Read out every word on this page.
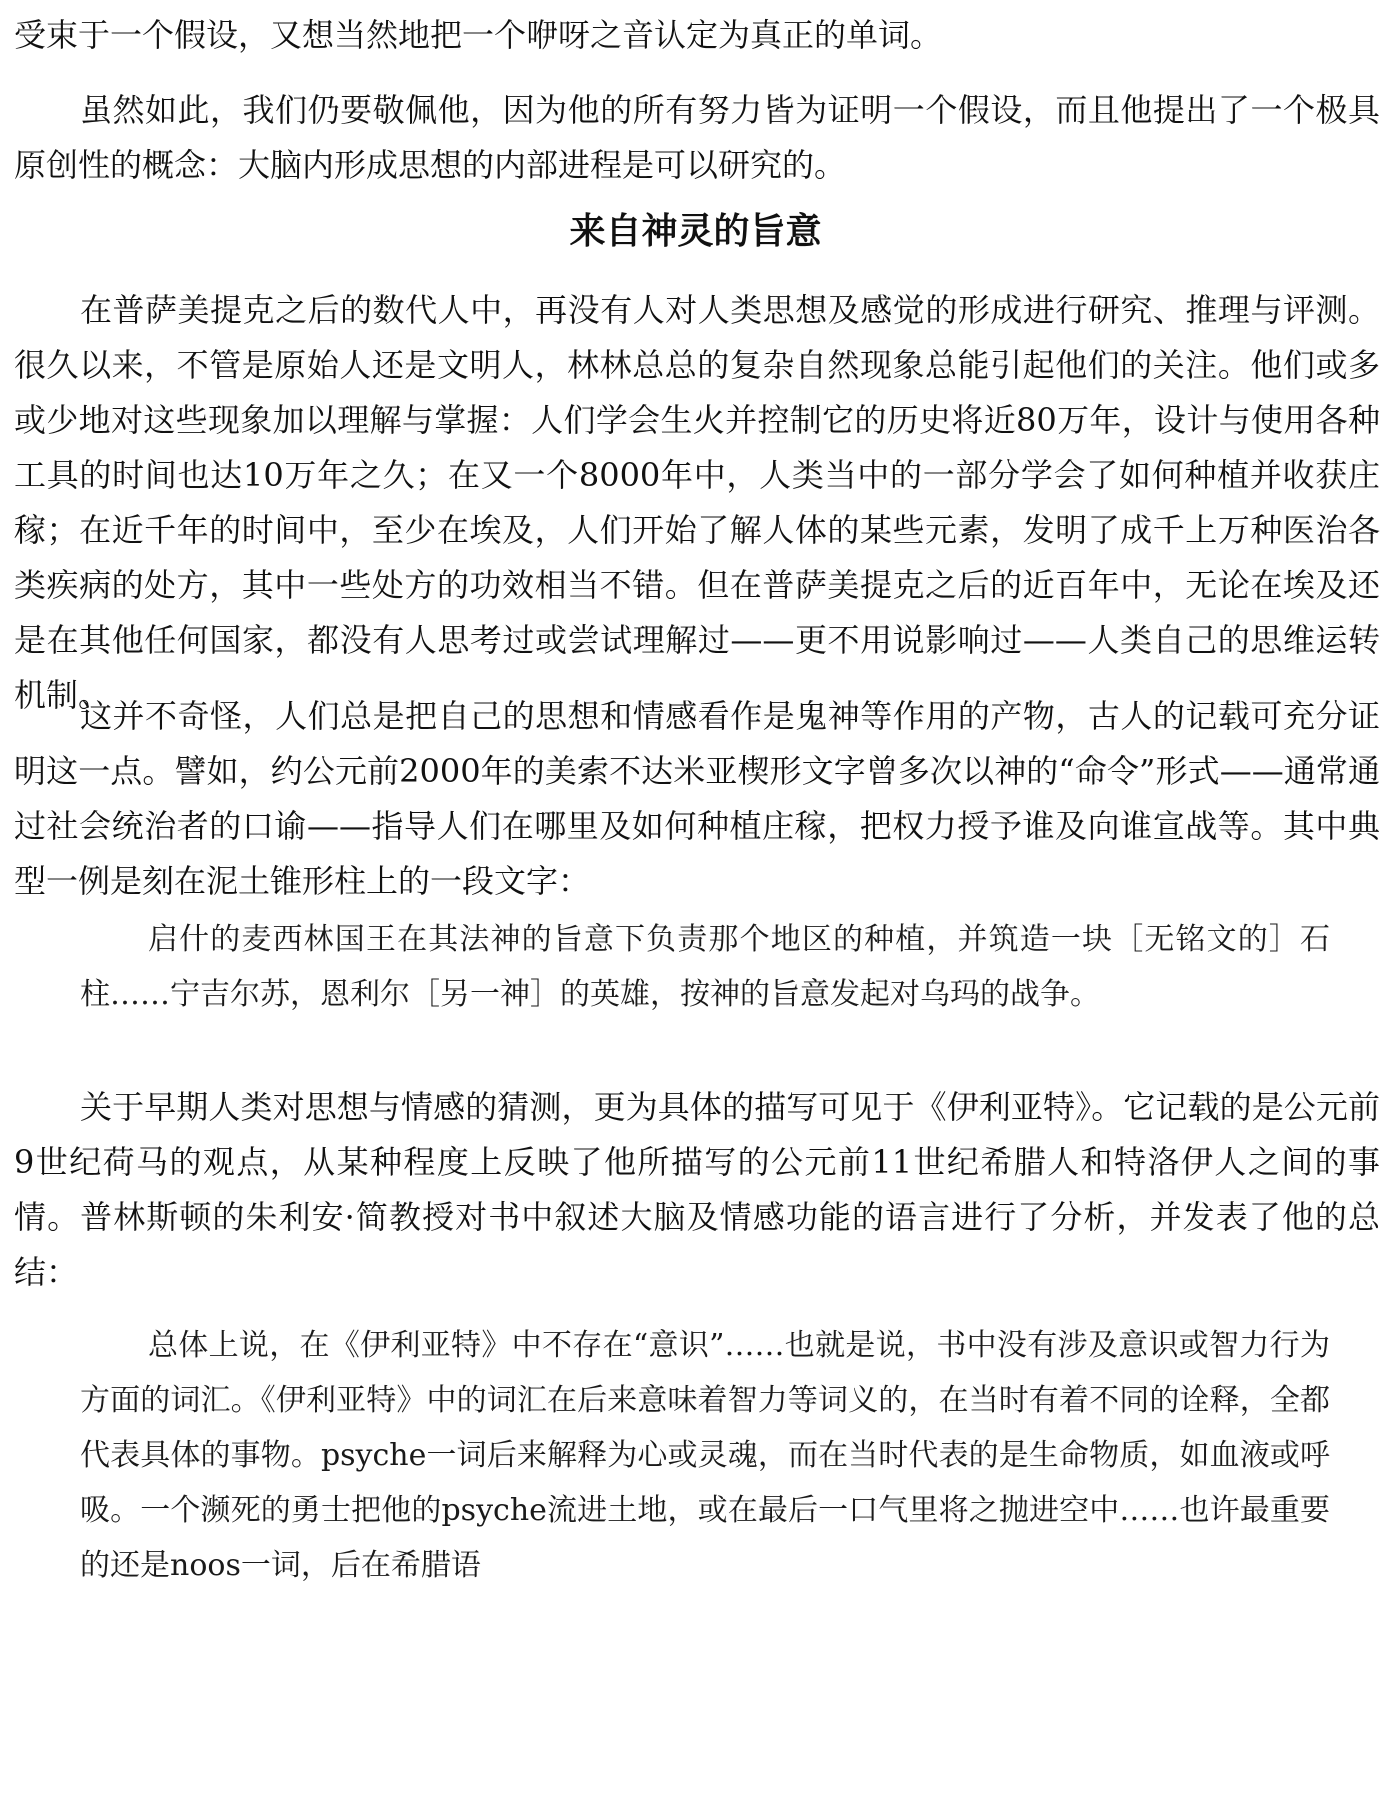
受束于一个假设，又想当然地把一个咿呀之音认定为真正的单词。

虽然如此，我们仍要敬佩他，因为他的所有努力皆为证明一个假设，而且他提出了一个极具原创性的概念：大脑内形成思想的内部进程是可以研究的。

来自神灵的旨意

在普萨美提克之后的数代人中，再没有人对人类思想及感觉的形成进行研究、推理与评测。很久以来，不管是原始人还是文明人，林林总总的复杂自然现象总能引起他们的关注。他们或多或少地对这些现象加以理解与掌握：人们学会生火并控制它的历史将近80万年，设计与使用各种工具的时间也达10万年之久；在又一个8000年中，人类当中的一部分学会了如何种植并收获庄稼；在近千年的时间中，至少在埃及，人们开始了解人体的某些元素，发明了成千上万种医治各类疾病的处方，其中一些处方的功效相当不错。但在普萨美提克之后的近百年中，无论在埃及还是在其他任何国家，都没有人思考过或尝试理解过——更不用说影响过——人类自己的思维运转机制。

这并不奇怪，人们总是把自己的思想和情感看作是鬼神等作用的产物，古人的记载可充分证明这一点。譬如，约公元前2000年的美索不达米亚楔形文字曾多次以神的“命令”形式——通常通过社会统治者的口谕——指导人们在哪里及如何种植庄稼，把权力授予谁及向谁宣战等。其中典型一例是刻在泥土锥形柱上的一段文字：

启什的麦西林国王在其法神的旨意下负责那个地区的种植，并筑造一块［无铭文的］石柱……宁吉尔苏，恩利尔［另一神］的英雄，按神的旨意发起对乌玛的战争。

关于早期人类对思想与情感的猜测，更为具体的描写可见于《伊利亚特》。它记载的是公元前9世纪荷马的观点，从某种程度上反映了他所描写的公元前11世纪希腊人和特洛伊人之间的事情。普林斯顿的朱利安·简教授对书中叙述大脑及情感功能的语言进行了分析，并发表了他的总结：

总体上说，在《伊利亚特》中不存在“意识”……也就是说，书中没有涉及意识或智力行为方面的词汇。《伊利亚特》中的词汇在后来意味着智力等词义的，在当时有着不同的诠释，全都代表具体的事物。psyche一词后来解释为心或灵魂，而在当时代表的是生命物质，如血液或呼吸。一个濒死的勇士把他的psyche流进土地，或在最后一口气里将之抛进空中……也许最重要的还是noos一词，后在希腊语
